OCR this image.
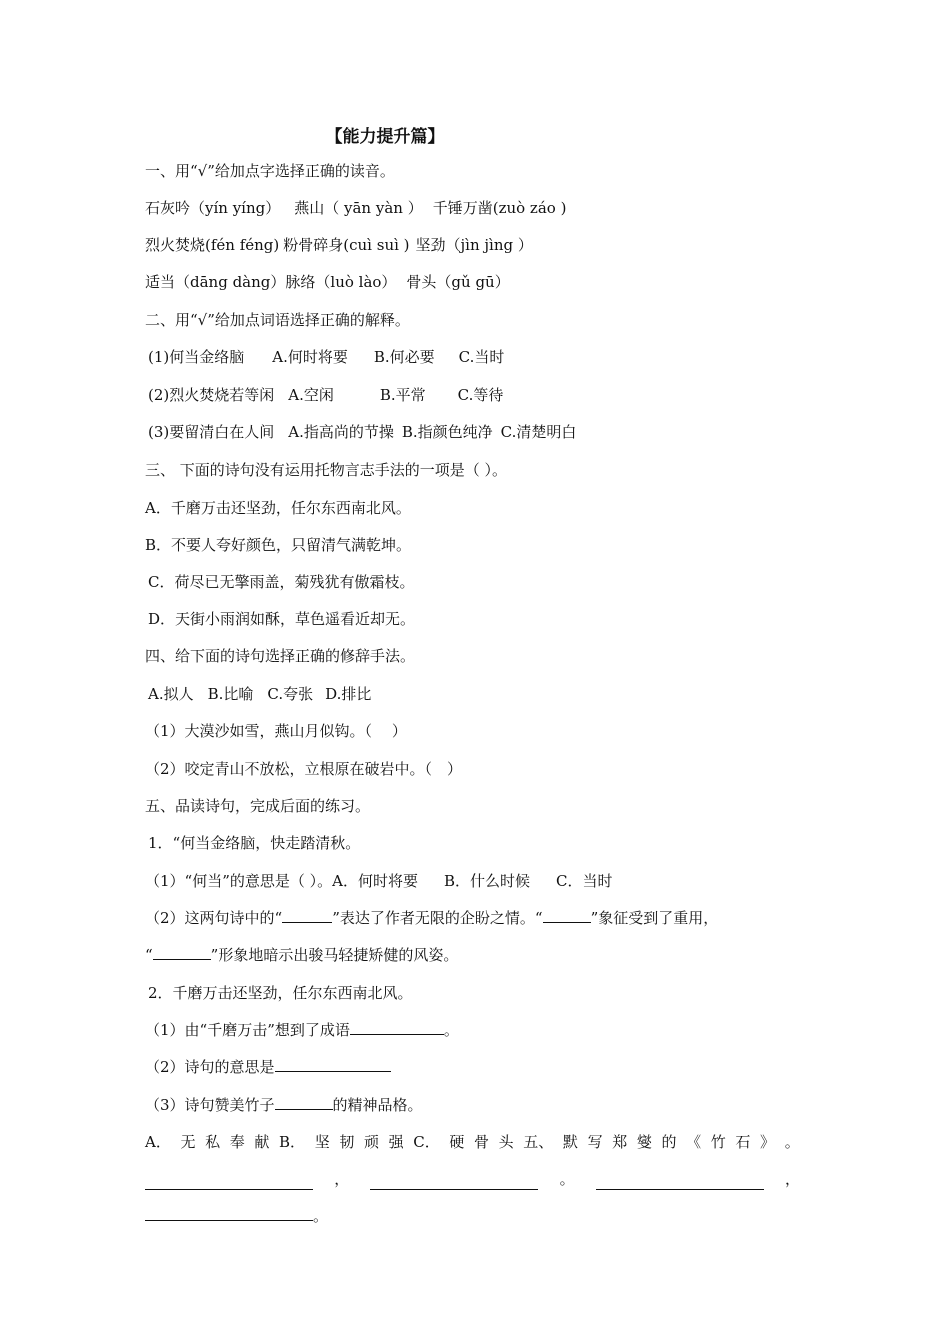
【能力提升篇】
一、用“√”给加点字选择正确的读音。
石灰吟（yín yíng） 燕山（ yān yàn ） 千锤万凿(zuò záo )
烈火焚烧(fén féng) 粉骨碎身(cuì suì ) 坚劲（jìn jìng ）
适当（dāng dàng）脉络（luò lào） 骨头（gǔ gū）
二、用“√”给加点词语选择正确的解释。
(1)何当金络脑 A.何时将要 B.何必要 C.当时
(2)烈火焚烧若等闲 A.空闲	B.平常 C.等待
(3)要留清白在人间 A.指高尚的节操 B.指颜色纯净 C.清楚明白
三、 下面的诗句没有运用托物言志手法的一项是（ ）。
A．千磨万击还坚劲，任尔东西南北风。
B．不要人夸好颜色，只留清气满乾坤。
C．荷尽已无擎雨盖，菊残犹有傲霜枝。
D．天街小雨润如酥，草色遥看近却无。
四、给下面的诗句选择正确的修辞手法。
A.拟人 B.比喻 C.夸张 D.排比
（1）大漠沙如雪，燕山月似钩。（　 ）
（2）咬定青山不放松，立根原在破岩中。（　）
五、品读诗句，完成后面的练习。
1．“何当金络脑，快走踏清秋。
（1）“何当”的意思是（ ）。A．何时将要 B．什么时候 C．当时
（2）这两句诗中的“	”表达了作者无限的企盼之情。“	”象征受到了重用，
“	”形象地暗示出骏马轻捷矫健的风姿。
2．千磨万击还坚劲，任尔东西南北风。
（1）由“千磨万击”想到了成语	。
（2）诗句的意思是
（3）诗句赞美竹子	的精神品格。
A． 无 私 奉 献 B． 坚 韧 顽 强 C． 硬 骨 头 五、 默 写 郑 燮 的 《 竹 石 》 。
，	。	，
。
